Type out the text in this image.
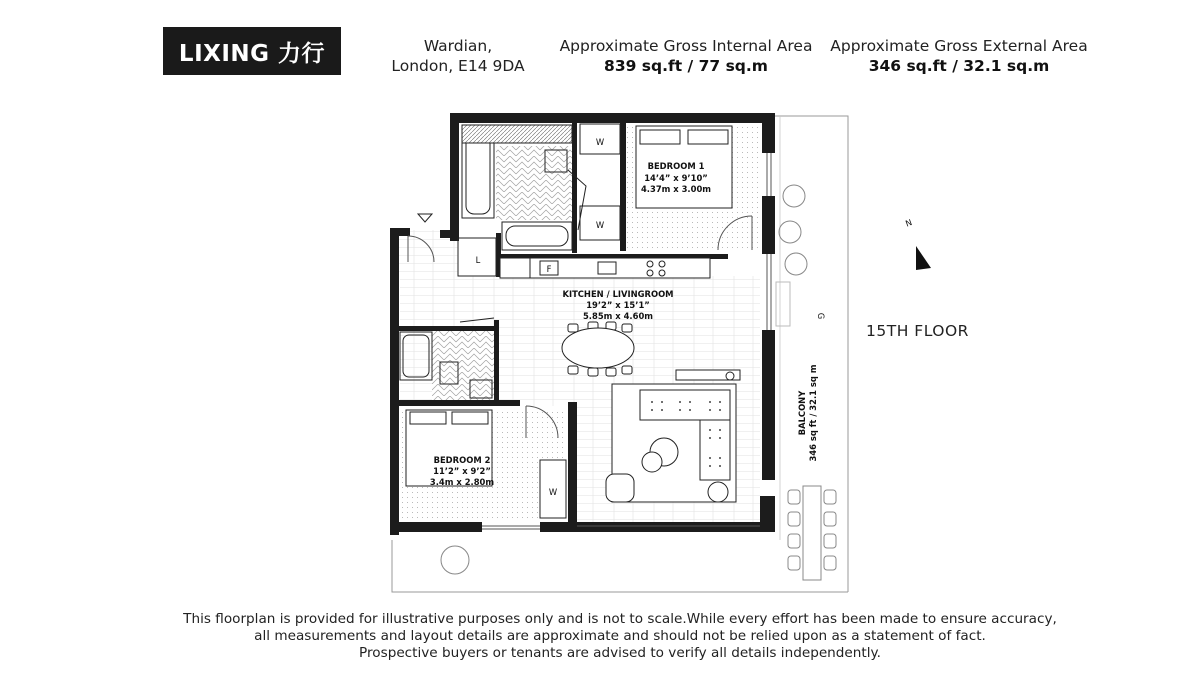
LIXING 力行	Wardian,
London, E14 9DA
Approximate Gross Internal Area
839 sq.ft / 77 sq.m
Approximate Gross External Area
346 sq.ft / 32.1 sq.m
L
W
W
BEDROOM 1
14’4” x 9’10”
4.37m x 3.00m
F
KITCHEN / LIVINGROOM
19’2” x 15’1”
5.85m x 4.60m
W
BEDROOM 2
11’2” x 9’2”
3.4m x 2.80m
G
BALCONY 346 sq ft / 32.1 sq m
N
15TH FLOOR
This floorplan is provided for illustrative purposes only and is not to scale.While every effort has been made to ensure accuracy,
all measurements and layout details are approximate and should not be relied upon as a statement of fact.
Prospective buyers or tenants are advised to verify all details independently.
